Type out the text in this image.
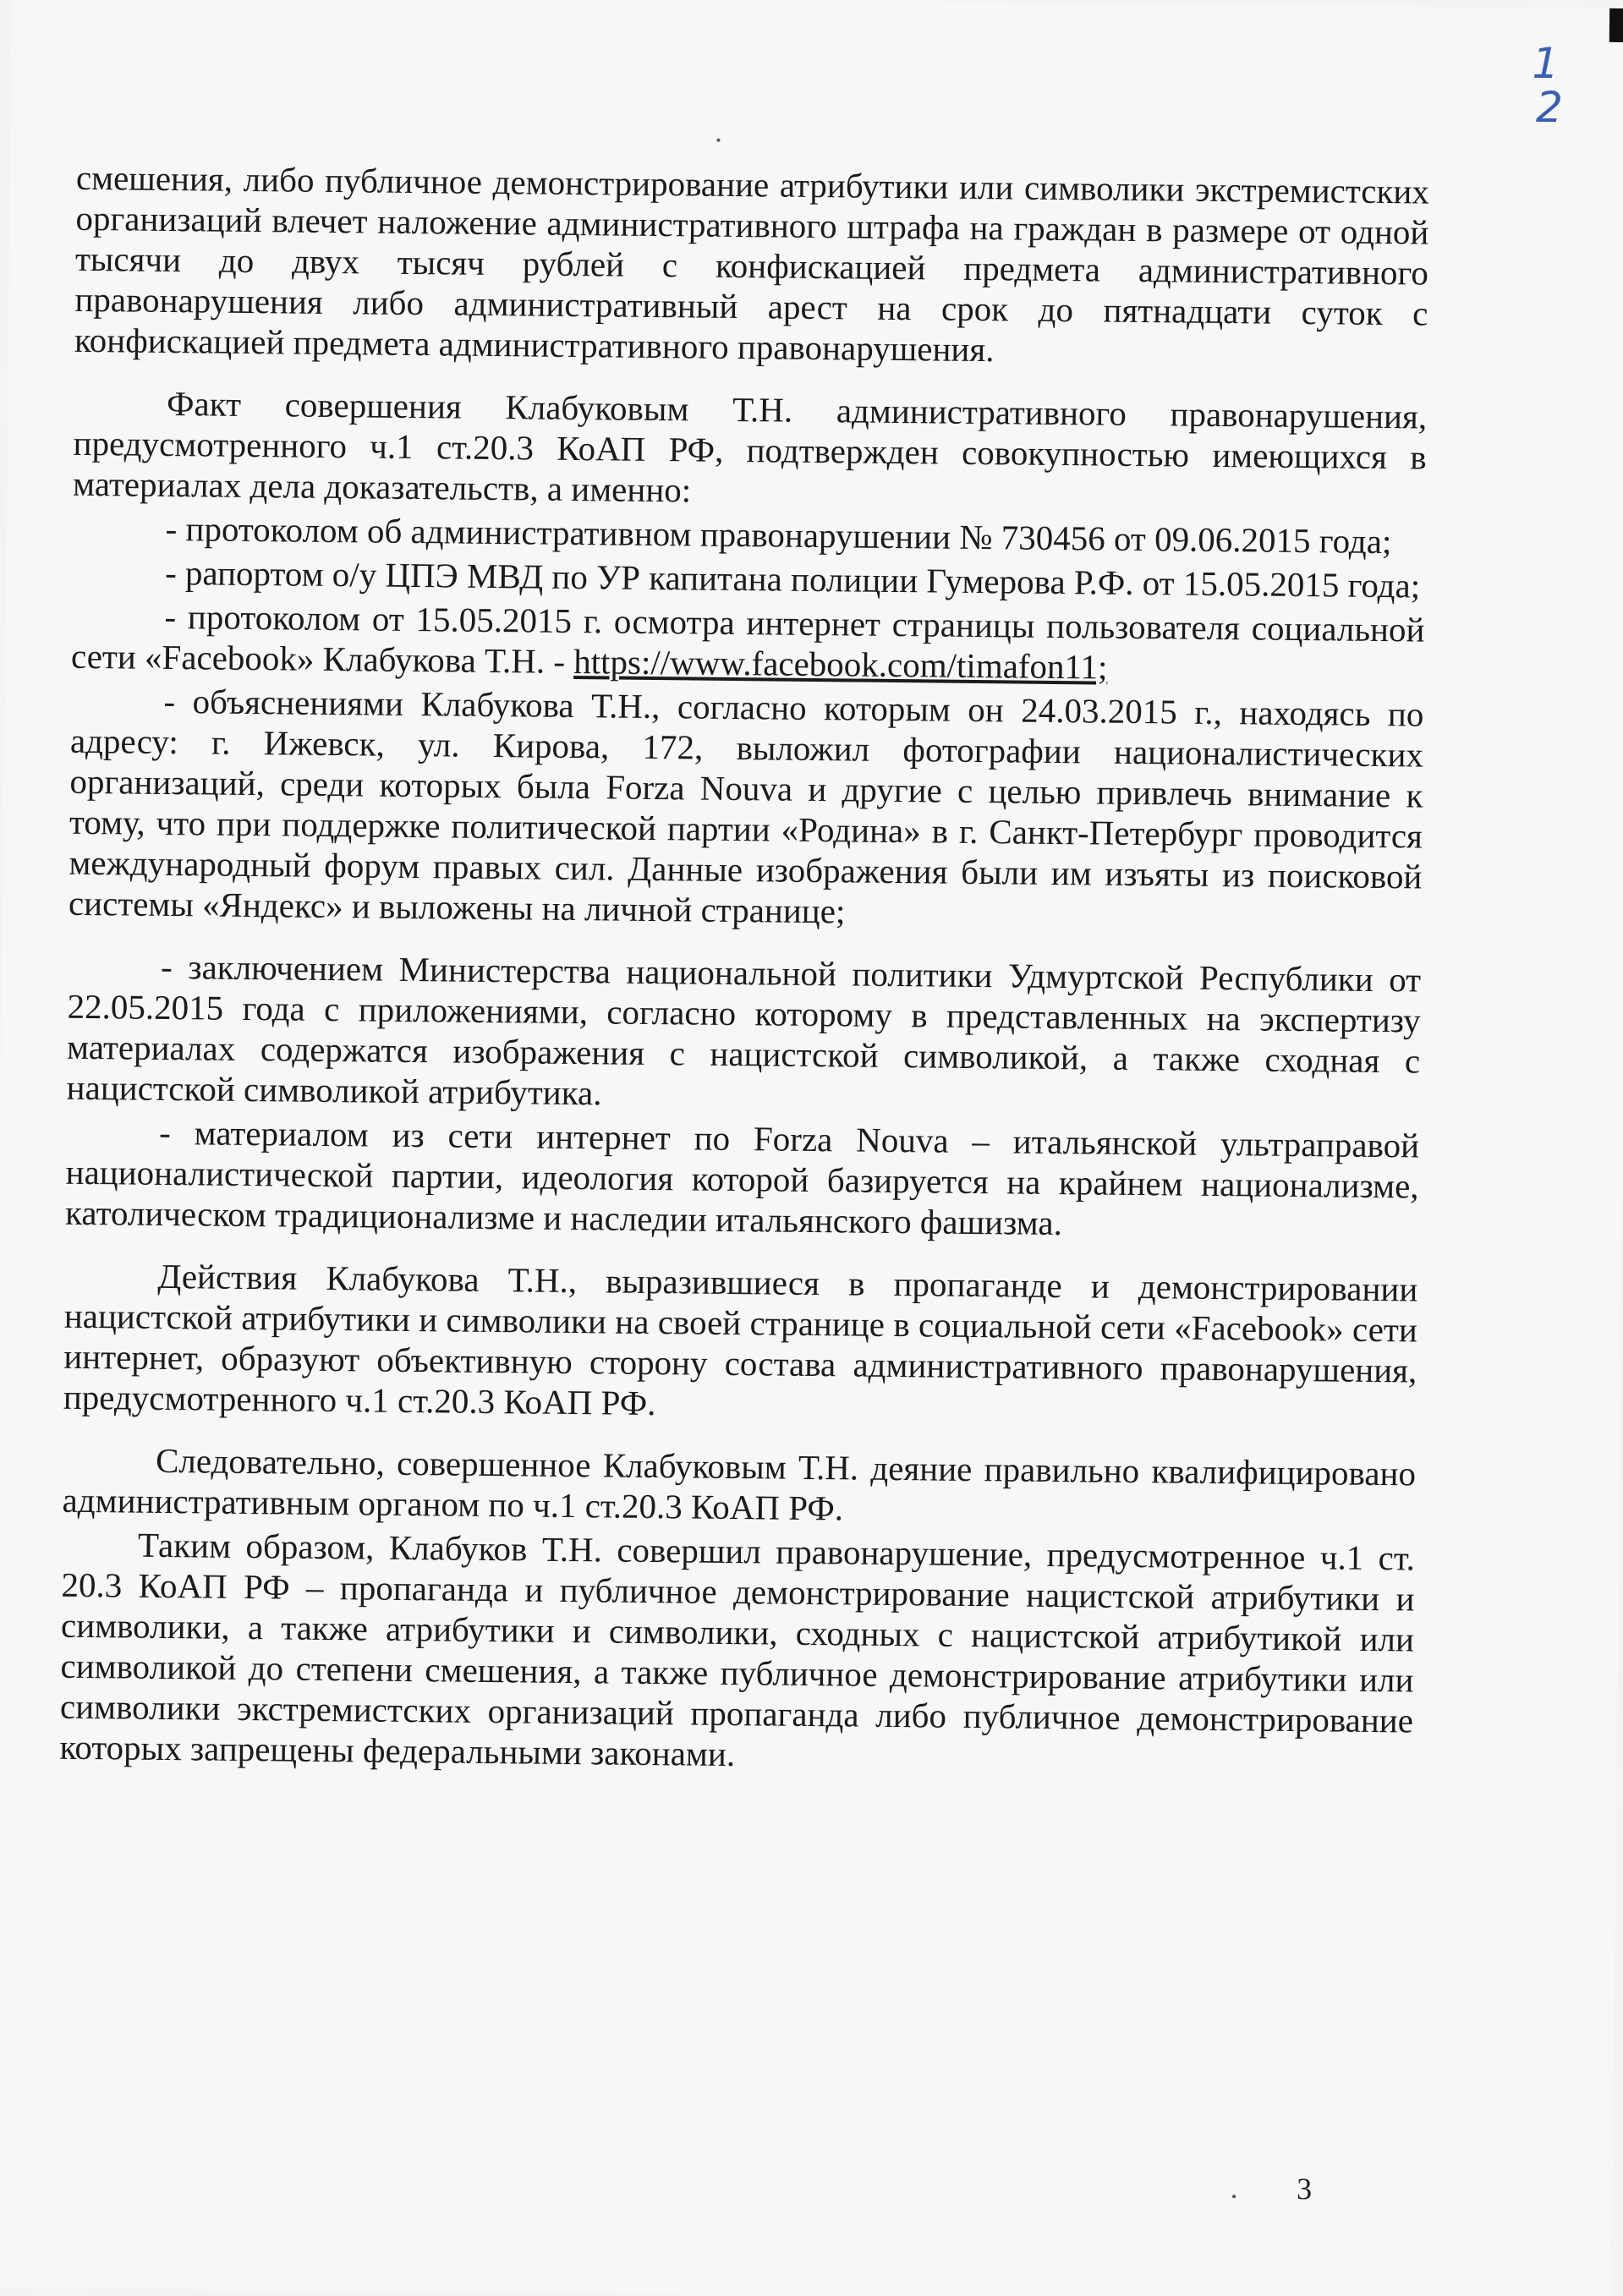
1
2

смешения, либо публичное демонстрирование атрибутики или символики экстремистских организаций влечет наложение административного штрафа на граждан в размере от одной тысячи до двух тысяч рублей с конфискацией предмета административного правонарушения либо административный арест на срок до пятнадцати суток с конфискацией предмета административного правонарушения.

Факт совершения Клабуковым Т.Н. административного правонарушения, предусмотренного ч.1 ст.20.3 КоАП РФ, подтвержден совокупностью имеющихся в материалах дела доказательств, а именно:

- протоколом об административном правонарушении № 730456 от 09.06.2015 года;

- рапортом о/у ЦПЭ МВД по УР капитана полиции Гумерова Р.Ф. от 15.05.2015 года;

- протоколом от 15.05.2015 г. осмотра интернет страницы пользователя социальной сети «Facebook» Клабукова Т.Н. - https://www.facebook.com/timafon11;

- объяснениями Клабукова Т.Н., согласно которым он 24.03.2015 г., находясь по адресу: г. Ижевск, ул. Кирова, 172, выложил фотографии националистических организаций, среди которых была Forza Nouva и другие с целью привлечь внимание к тому, что при поддержке политической партии «Родина» в г. Санкт-Петербург проводится международный форум правых сил. Данные изображения были им изъяты из поисковой системы «Яндекс» и выложены на личной странице;

- заключением Министерства национальной политики Удмуртской Республики от 22.05.2015 года с приложениями, согласно которому в представленных на экспертизу материалах содержатся изображения с нацистской символикой, а также сходная с нацистской символикой атрибутика.

- материалом из сети интернет по Forza Nouva – итальянской ультраправой националистической партии, идеология которой базируется на крайнем национализме, католическом традиционализме и наследии итальянского фашизма.

Действия Клабукова Т.Н., выразившиеся в пропаганде и демонстрировании нацистской атрибутики и символики на своей странице в социальной сети «Facebook» сети интернет, образуют объективную сторону состава административного правонарушения, предусмотренного ч.1 ст.20.3 КоАП РФ.

Следовательно, совершенное Клабуковым Т.Н. деяние правильно квалифицировано административным органом по ч.1 ст.20.3 КоАП РФ.

Таким образом, Клабуков Т.Н. совершил правонарушение, предусмотренное ч.1 ст. 20.3 КоАП РФ – пропаганда и публичное демонстрирование нацистской атрибутики и символики, а также атрибутики и символики, сходных с нацистской атрибутикой или символикой до степени смешения, а также публичное демонстрирование атрибутики или символики экстремистских организаций пропаганда либо публичное демонстрирование которых запрещены федеральными законами.

3
